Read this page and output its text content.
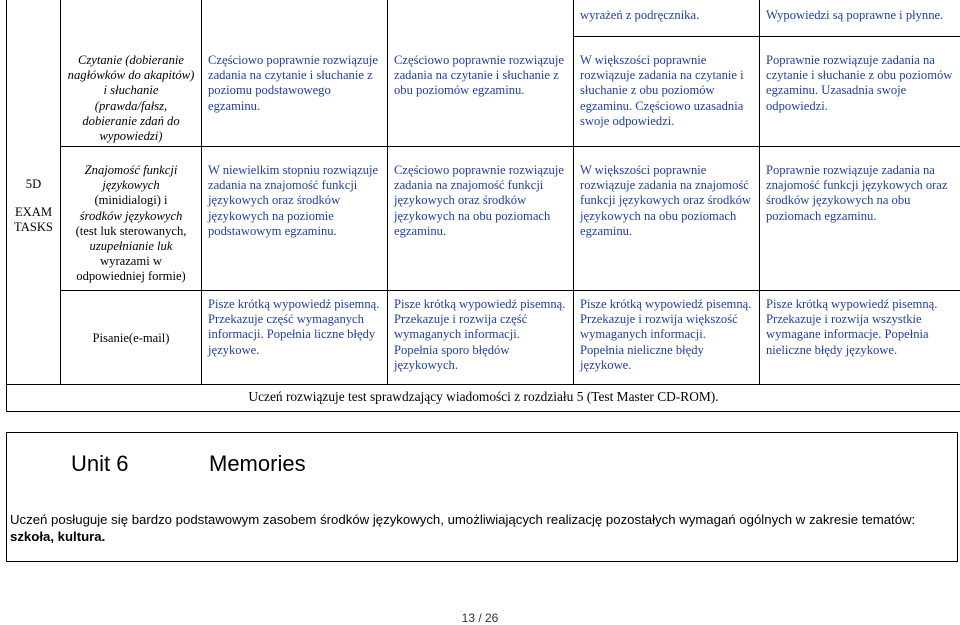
wyrażeń z podręcznika.	Wypowiedzi są poprawne i płynne.
Czytanie (dobieranie nagłówków do akapitów) i słuchanie (prawda/fałsz, dobieranie zdań do wypowiedzi)
Częściowo poprawnie rozwiązuje zadania na czytanie i słuchanie z poziomu podstawowego egzaminu.
Częściowo poprawnie rozwiązuje zadania na czytanie i słuchanie z obu poziomów egzaminu.
W większości poprawnie rozwiązuje zadania na czytanie i słuchanie z obu poziomów egzaminu. Częściowo uzasadnia swoje odpowiedzi.
Poprawnie rozwiązuje zadania na czytanie i słuchanie z obu poziomów egzaminu. Uzasadnia swoje odpowiedzi.
5D
EXAM TASKS
Znajomość funkcji językowych
(minidialogi) i
środków językowych
(test luk sterowanych,
uzupełnianie luk
wyrazami w odpowiedniej formie)
W niewielkim stopniu rozwiązuje zadania na znajomość funkcji językowych oraz środków językowych na poziomie podstawowym egzaminu.
Częściowo poprawnie rozwiązuje zadania na znajomość funkcji językowych oraz środków językowych na obu poziomach egzaminu.
W większości poprawnie rozwiązuje zadania na znajomość funkcji językowych oraz środków językowych na obu poziomach egzaminu.
Poprawnie rozwiązuje zadania na znajomość funkcji językowych oraz środków językowych na obu poziomach egzaminu.
Pisanie(e-mail)
Pisze krótką wypowiedź pisemną. Przekazuje część wymaganych informacji. Popełnia liczne błędy językowe.
Pisze krótką wypowiedź pisemną. Przekazuje i rozwija część wymaganych informacji. Popełnia sporo błędów językowych.
Pisze krótką wypowiedź pisemną. Przekazuje i rozwija większość wymaganych informacji. Popełnia nieliczne błędy językowe.
Pisze krótką wypowiedź pisemną. Przekazuje i rozwija wszystkie wymagane informacje. Popełnia nieliczne błędy językowe.
Uczeń rozwiązuje test sprawdzający wiadomości z rozdziału 5 (Test Master CD-ROM).
Unit 6	Memories
Uczeń posługuje się bardzo podstawowym zasobem środków językowych, umożliwiających realizację pozostałych wymagań ogólnych w zakresie tematów: szkoła, kultura.
13 / 26
